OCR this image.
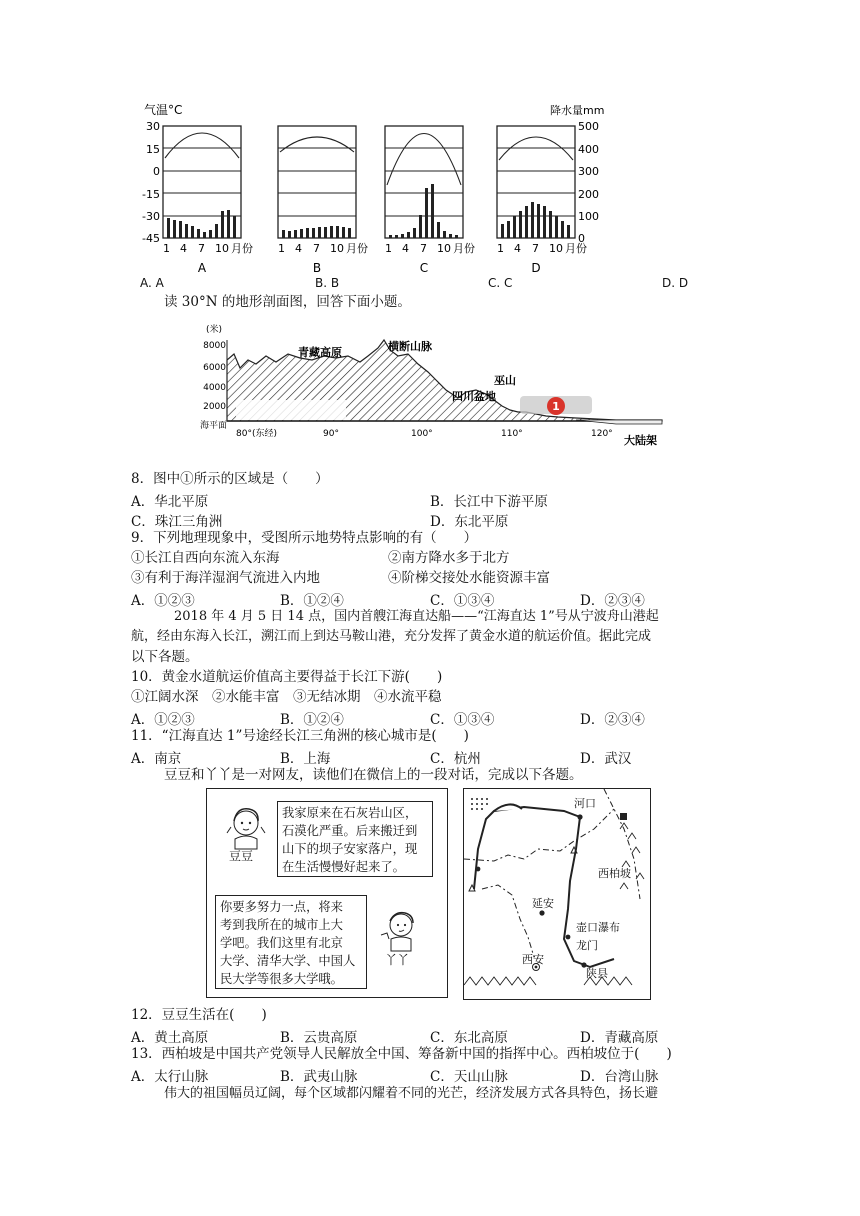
气温°C	降水量mm
30
15
0
-15
-30
-45
500
400
300
200
100
0
1 4 7 10 月份 1 4 7 10 月份 1 4 7 10 月份 1 4 7 10 月份
A	B	C	D
A. A	B. B	C. C	D. D
读 30°N 的地形剖面图，回答下面小题。
(米)
8000
6000
4000
2000
海平面
1
80°(东经)	90°	100°	110°	120°
青藏高原	横断山脉
四川盆地
巫山
大陆架
8．图中①所示的区域是（　　）
A．华北平原	B．长江中下游平原
C．珠江三角洲	D．东北平原
9．下列地理现象中，受图所示地势特点影响的有（　　）
①长江自西向东流入东海	②南方降水多于北方
③有利于海洋湿润气流进入内地	④阶梯交接处水能资源丰富
A．①②③	B．①②④	C．①③④	D．②③④
2018 年 4 月 5 日 14 点，国内首艘江海直达船——“江海直达 1”号从宁波舟山港起
航，经由东海入长江，溯江而上到达马鞍山港，充分发挥了黄金水道的航运价值。据此完成
以下各题。
10．黄金水道航运价值高主要得益于长江下游(　　)
①江阔水深　②水能丰富　③无结冰期　④水流平稳
A．①②③	B．①②④	C．①③④	D．②③④
11．“江海直达 1”号途经长江三角洲的核心城市是(　　)
A．南京	B．上海	C．杭州	D．武汉
豆豆和丫丫是一对网友，读他们在微信上的一段对话，完成以下各题。
豆豆
我家原来在石灰岩山区，
石漠化严重。后来搬迁到
山下的坝子安家落户，现
在生活慢慢好起来了。
你要多努力一点，将来
考到我所在的城市上大
学吧。我们这里有北京
大学、清华大学、中国人
民大学等很多大学哦。
丫丫
河口
西柏坡
延安
壶口瀑布
龙门
西安
陕县
12．豆豆生活在(　　)
A．黄土高原	B．云贵高原	C．东北高原	D．青藏高原
13．西柏坡是中国共产党领导人民解放全中国、筹备新中国的指挥中心。西柏坡位于(　　)
A．太行山脉	B．武夷山脉	C．天山山脉	D．台湾山脉
伟大的祖国幅员辽阔，每个区域都闪耀着不同的光芒，经济发展方式各具特色，扬长避
